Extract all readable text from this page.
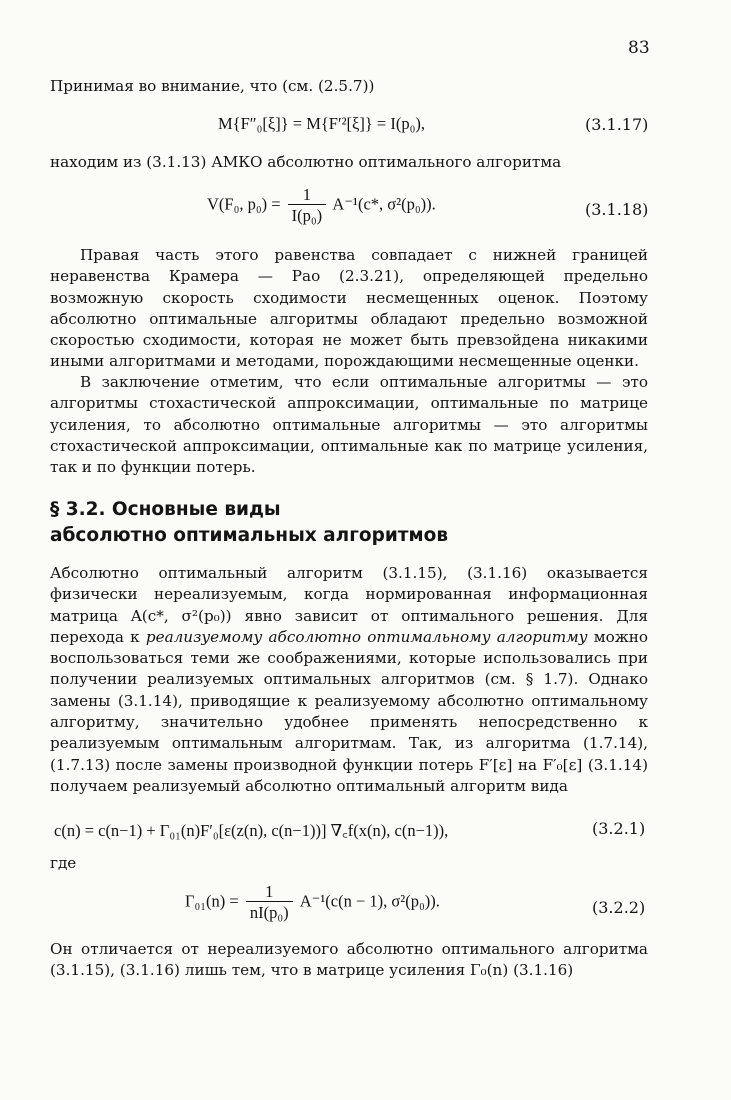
83
Принимая во внимание, что (см. (2.5.7))
M{F″₀[ξ]} = M{F′²[ξ]} = I(p₀),	(3.1.17)
находим из (3.1.13) АМКО абсолютно оптимального алгоритма
V(F₀, $p_0) = \frac{1}{\text{I(p₀)}} A^{-1}(c*$, σ²(p₀)).	(3.1.18)
Правая часть этого равенства совпадает с нижней границей неравенства Крамера — Рао (2.3.21), определяющей предельно возможную скорость сходимости несмещенных оценок. Поэтому абсолютно оптимальные алгоритмы обладают предельно возможной скоростью сходимости, которая не может быть превзойдена никакими иными алгоритмами и методами, порождающими несмещенные оценки.
В заключение отметим, что если оптимальные алгоритмы — это алгоритмы стохастической аппроксимации, оптимальные по матрице усиления, то абсолютно оптимальные алгоритмы — это алгоритмы стохастической аппроксимации, оптимальные как по матрице усиления, так и по функции потерь.
§ 3.2. Основные виды
абсолютно оптимальных алгоритмов
Абсолютно оптимальный алгоритм (3.1.15), (3.1.16) оказывается физически нереализуемым, когда нормированная информационная матрица A(c*, σ²(p₀)) явно зависит от оптимального решения. Для перехода к реализуемому абсолютно оптимальному алгоритму можно воспользоваться теми же соображениями, которые использовались при получении реализуемых оптимальных алгоритмов (см. § 1.7). Однако замены (3.1.14), приводящие к реализуемому абсолютно оптимальному алгоритму, значительно удобнее применять непосредственно к реализуемым оптимальным алгоритмам. Так, из алгоритма (1.7.14), (1.7.13) после замены производной функции потерь F′[ε] на F′₀[ε] (3.1.14) получаем реализуемый абсолютно оптимальный алгоритм вида
c(n) = c(n−1) + Γ₀₁(n)F′₀[ε(z(n), c(n−1))] ∇꜀f(x(n), c(n−1)),	(3.2.1)
где
$\Gamma_{01}(n) = \frac{1}{\text{nI(p₀)}} A^{-1}(c(n - 1)$, σ²(p₀)).	(3.2.2)
Он отличается от нереализуемого абсолютно оптимального алгоритма (3.1.15), (3.1.16) лишь тем, что в матрице усиления Γ₀(n) (3.1.16)
